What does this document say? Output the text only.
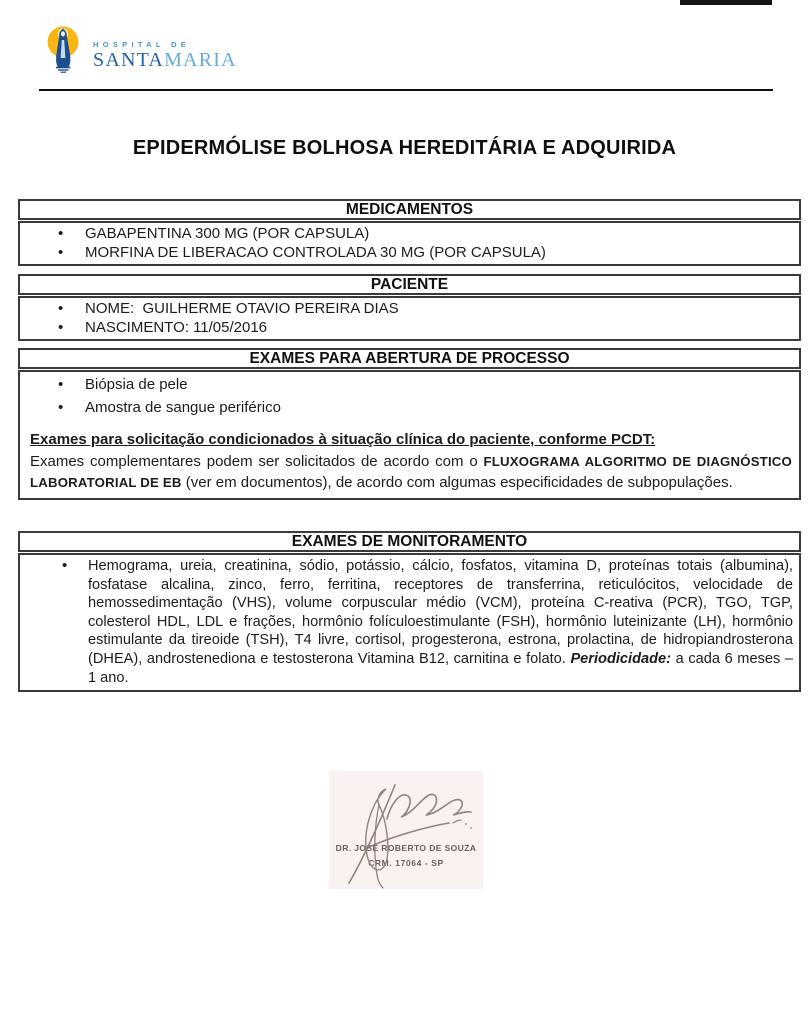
HOSPITAL DE
SANTAMARIA
EPIDERMÓLISE BOLHOSA HEREDITÁRIA E ADQUIRIDA
MEDICAMENTOS
• GABAPENTINA 300 MG (POR CAPSULA)
• MORFINA DE LIBERACAO CONTROLADA 30 MG (POR CAPSULA)
PACIENTE
• NOME:  GUILHERME OTAVIO PEREIRA DIAS
• NASCIMENTO: 11/05/2016
EXAMES PARA ABERTURA DE PROCESSO
• Biópsia de pele
• Amostra de sangue periférico
Exames para solicitação condicionados à situação clínica do paciente, conforme PCDT:

Exames complementares podem ser solicitados de acordo com o FLUXOGRAMA ALGORITMO DE DIAGNÓSTICO LABORATORIAL DE EB (ver em documentos), de acordo com algumas especificidades de subpopulações.

EXAMES DE MONITORAMENTO
• Hemograma, ureia, creatinina, sódio, potássio, cálcio, fosfatos, vitamina D, proteínas totais (albumina), fosfatase alcalina, zinco, ferro, ferritina, receptores de transferrina, reticulócitos, velocidade de hemossedimentação (VHS), volume corpuscular médio (VCM), proteína C-reativa (PCR), TGO, TGP, colesterol HDL, LDL e frações, hormônio folículoestimulante (FSH), hormônio luteinizante (LH), hormônio estimulante da tireoide (TSH), T4 livre, cortisol, progesterona, estrona, prolactina, de hidropiandrosterona (DHEA), androstenediona e testosterona Vitamina B12, carnitina e folato. Periodicidade: a cada 6 meses – 1 ano.
DR. JOSE ROBERTO DE SOUZA
CRM. 17064 - SP
